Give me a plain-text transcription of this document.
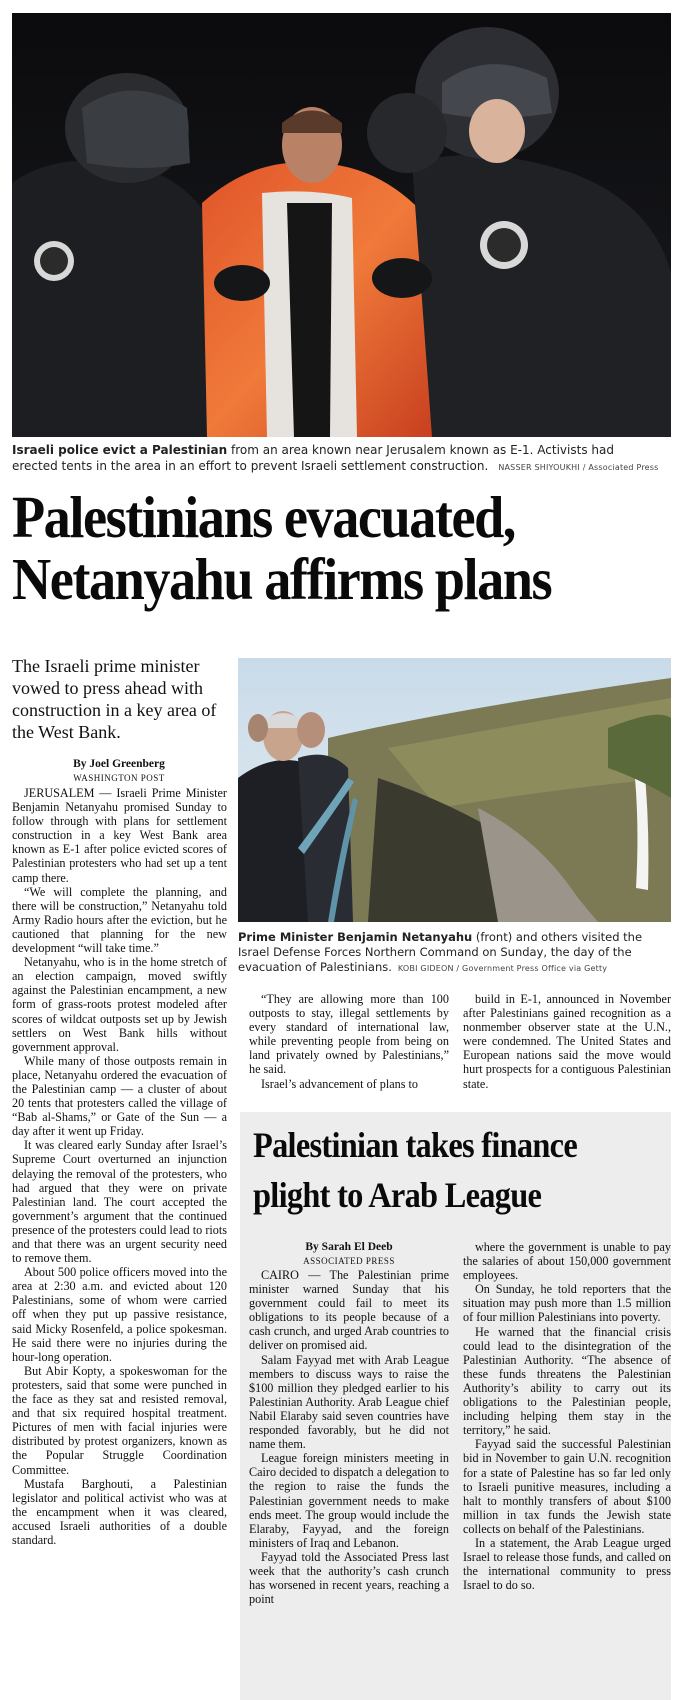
Israeli police evict a Palestinian from an area known near Jerusalem known as E-1. Activists had erected tents in the area in an effort to prevent Israeli settlement construction. NASSER SHIYOUKHI / Associated Press
Palestinians evacuated,
Netanyahu affirms plans
The Israeli prime minister vowed to press ahead with construction in a key area of the West Bank.
By Joel Greenberg
WASHINGTON POST

JERUSALEM — Israeli Prime Minister Benjamin Netanyahu promised Sunday to follow through with plans for settlement construction in a key West Bank area known as E-1 after police evicted scores of Palestinian protesters who had set up a tent camp there.

“We will complete the planning, and there will be construction,” Netanyahu told Army Radio hours after the eviction, but he cautioned that planning for the new development “will take time.”

Netanyahu, who is in the home stretch of an election campaign, moved swiftly against the Palestinian encampment, a new form of grass-roots protest modeled after scores of wildcat outposts set up by Jewish settlers on West Bank hills without government approval.

While many of those outposts remain in place, Netanyahu ordered the evacuation of the Palestinian camp — a cluster of about 20 tents that protesters called the village of “Bab al-Shams,” or Gate of the Sun — a day after it went up Friday.

It was cleared early Sunday after Israel’s Supreme Court overturned an injunction delaying the removal of the protesters, who had argued that they were on private Palestinian land. The court accepted the government’s argument that the continued presence of the protesters could lead to riots and that there was an urgent security need to remove them.

About 500 police officers moved into the area at 2:30 a.m. and evicted about 120 Palestinians, some of whom were carried off when they put up passive resistance, said Micky Rosenfeld, a police spokesman. He said there were no injuries during the hour-long operation.

But Abir Kopty, a spokeswoman for the protesters, said that some were punched in the face as they sat and resisted removal, and that six required hospital treatment. Pictures of men with facial injuries were distributed by protest organizers, known as the Popular Struggle Coordination Committee.

Mustafa Barghouti, a Palestinian legislator and political activist who was at the encampment when it was cleared, accused Israeli authorities of a double standard.

Prime Minister Benjamin Netanyahu (front) and others visited the Israel Defense Forces Northern Command on Sunday, the day of the evacuation of Palestinians. KOBI GIDEON / Government Press Office via Getty

“They are allowing more than 100 outposts to stay, illegal settlements by every standard of international law, while preventing people from being on land privately owned by Palestinians,” he said.

Israel’s advancement of plans to

build in E-1, announced in November after Palestinians gained recognition as a nonmember observer state at the U.N., were condemned. The United States and European nations said the move would hurt prospects for a contiguous Palestinian state.

Palestinian takes finance
plight to Arab League
By Sarah El Deeb
ASSOCIATED PRESS

CAIRO — The Palestinian prime minister warned Sunday that his government could fail to meet its obligations to its people because of a cash crunch, and urged Arab countries to deliver on promised aid.

Salam Fayyad met with Arab League members to discuss ways to raise the $100 million they pledged earlier to his Palestinian Authority. Arab League chief Nabil Elaraby said seven countries have responded favorably, but he did not name them.

League foreign ministers meeting in Cairo decided to dispatch a delegation to the region to raise the funds the Palestinian government needs to make ends meet. The group would include the Elaraby, Fayyad, and the foreign ministers of Iraq and Lebanon.

Fayyad told the Associated Press last week that the authority’s cash crunch has worsened in recent years, reaching a point

where the government is unable to pay the salaries of about 150,000 government employees.

On Sunday, he told reporters that the situation may push more than 1.5 million of four million Palestinians into poverty.

He warned that the financial crisis could lead to the disintegration of the Palestinian Authority. “The absence of these funds threatens the Palestinian Authority’s ability to carry out its obligations to the Palestinian people, including helping them stay in the territory,” he said.

Fayyad said the successful Palestinian bid in November to gain U.N. recognition for a state of Palestine has so far led only to Israeli punitive measures, including a halt to monthly transfers of about $100 million in tax funds the Jewish state collects on behalf of the Palestinians.

In a statement, the Arab League urged Israel to release those funds, and called on the international community to press Israel to do so.
